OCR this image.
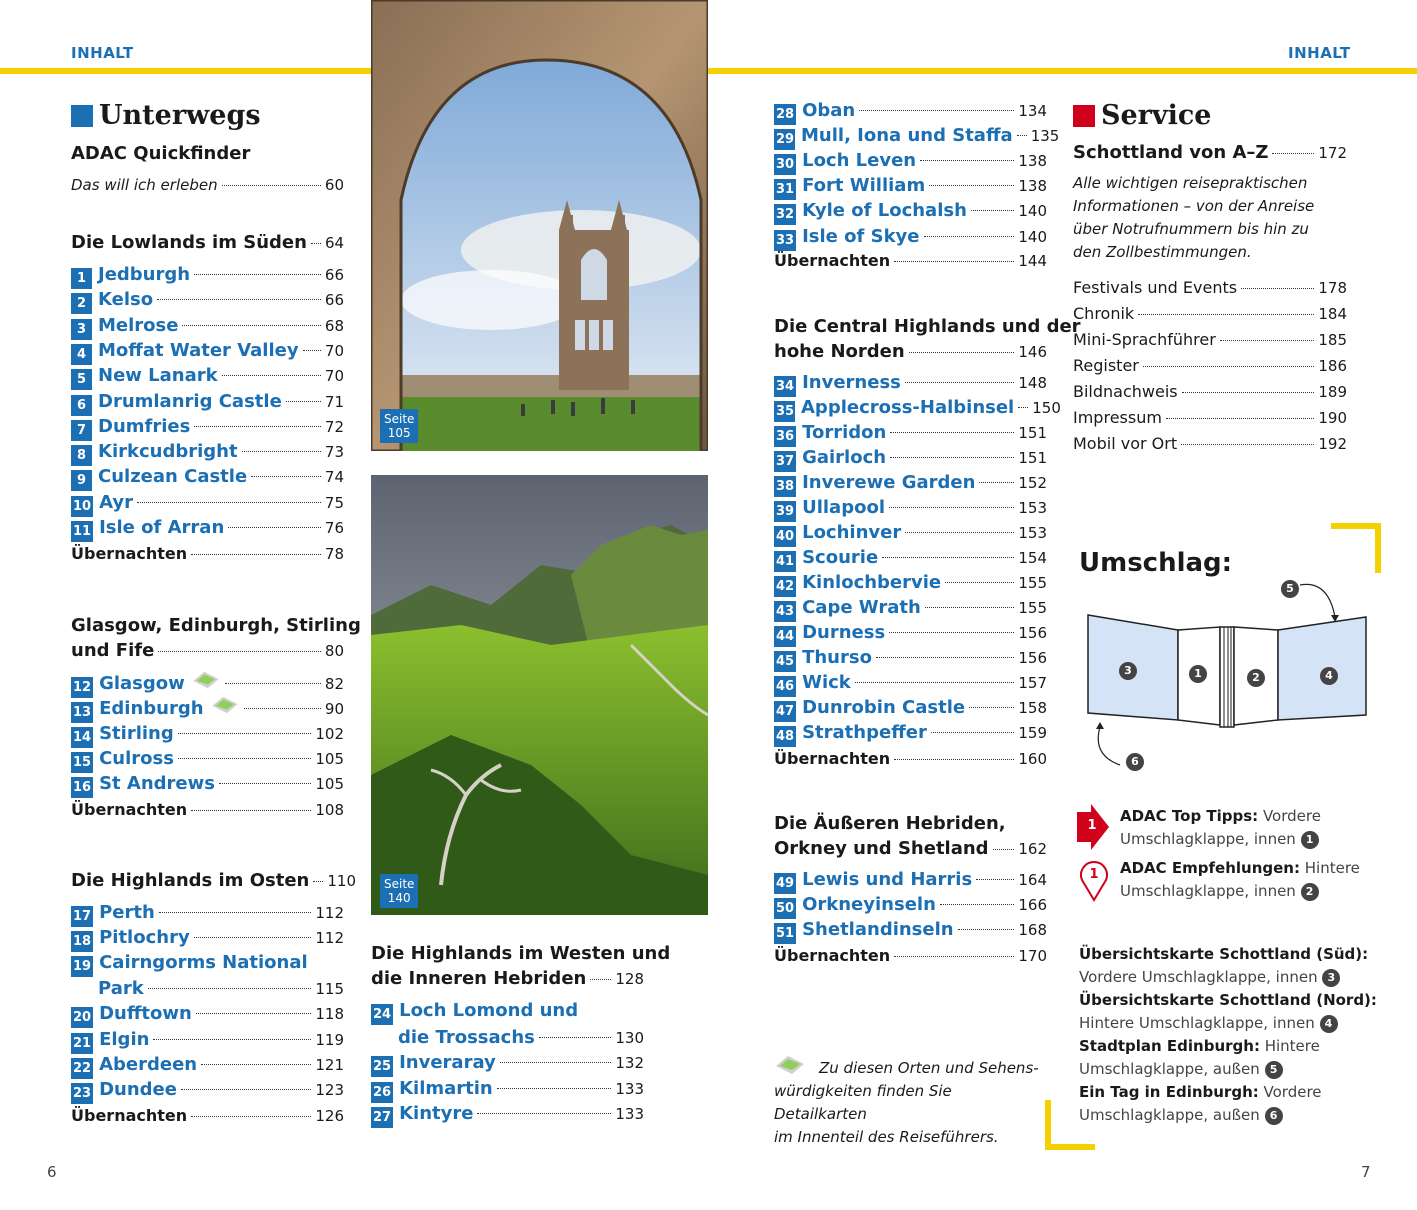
INHALT	INHALT
Unterwegs
ADAC Quickfinder
Das will ich erleben	60
Die Lowlands im Süden 64
1 Jedburgh	66
2 Kelso	66
3 Melrose	68
4 Moffat Water Valley 70
5 New Lanark	70
6 Drumlanrig Castle	71
7 Dumfries	72
8 Kirkcudbright	73
9 Culzean Castle	74
10 Ayr	75
11 Isle of Arran	76
Übernachten	78
Glasgow, Edinburgh, Stirling
und Fife	80
12 Glasgow	82
13 Edinburgh	90
14 Stirling	102
15 Culross	105
16 St Andrews	105
Übernachten	108
Die Highlands im Osten 110
17 Perth	112
18 Pitlochry	112
19 Cairngorms National
Park	115
20 Dufftown	118
21 Elgin	119
22 Aberdeen	121
23 Dundee	123
Übernachten	126
Seite
105
Seite
140
Die Highlands im Westen und
die Inneren Hebriden 128
24 Loch Lomond und
die Trossachs	130
25 Inveraray	132
26 Kilmartin	133
27 Kintyre	133
28 Oban	134
29 Mull, Iona und Staffa 135
30 Loch Leven	138
31 Fort William	138
32 Kyle of Lochalsh	140
33 Isle of Skye	140
Übernachten	144
Die Central Highlands und der
hohe Norden	146
34 Inverness	148
35 Applecross-Halbinsel 150
36 Torridon	151
37 Gairloch	151
38 Inverewe Garden	152
39 Ullapool	153
40 Lochinver	153
41 Scourie	154
42 Kinlochbervie	155
43 Cape Wrath	155
44 Durness	156
45 Thurso	156
46 Wick	157
47 Dunrobin Castle	158
48 Strathpeffer	159
Übernachten	160
Die Äußeren Hebriden,
Orkney und Shetland 162
49 Lewis und Harris	164
50 Orkneyinseln	166
51 Shetlandinseln	168
Übernachten	170
Zu diesen Orten und Sehens-
würdigkeiten finden Sie Detailkarten
im Innenteil des Reiseführers.
Service
Schottland von A–Z	172
Alle wichtigen reisepraktischen
Informationen – von der Anreise
über Notrufnummern bis hin zu
den Zollbestimmungen.
Festivals und Events	178
Chronik	184
Mini-Sprachführer	185
Register	186
Bildnachweis	189
Impressum	190
Mobil vor Ort	192
Umschlag:
3	1	2	4
5
6
1
ADAC Top Tipps: Vordere
Umschlagklappe, innen 1
1	ADAC Empfehlungen: Hintere
Umschlagklappe, innen 2
Übersichtskarte Schottland (Süd):
Vordere Umschlagklappe, innen 3
Übersichtskarte Schottland (Nord):
Hintere Umschlagklappe, innen 4
Stadtplan Edinburgh: Hintere
Umschlagklappe, außen 5
Ein Tag in Edinburgh: Vordere
Umschlagklappe, außen 6
6	7
